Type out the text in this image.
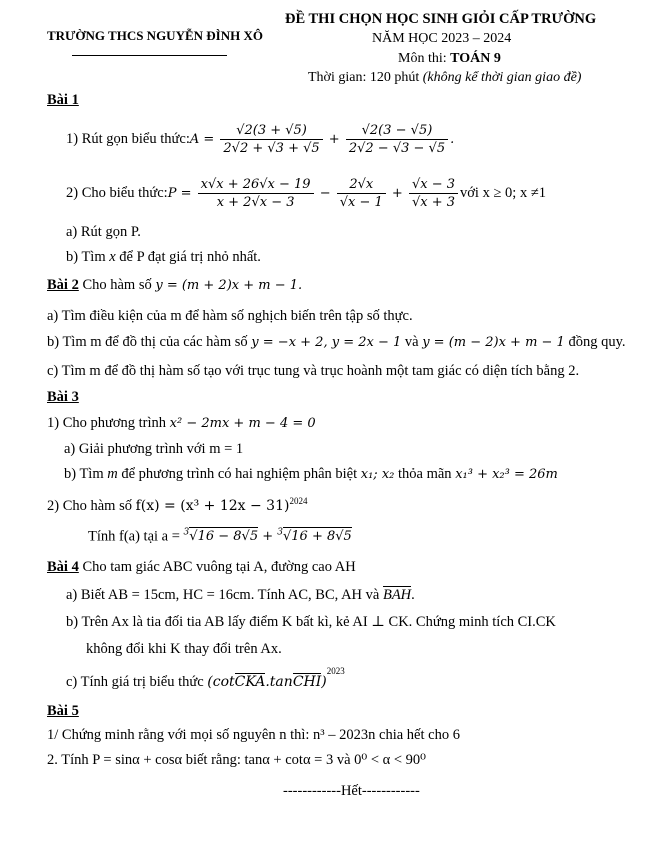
TRƯỜNG THCS NGUYỄN ĐÌNH XÔ
ĐỀ THI CHỌN HỌC SINH GIỎI CẤP TRƯỜNG
NĂM HỌC 2023 – 2024
Môn thi: TOÁN 9
Thời gian: 120 phút (không kể thời gian giao đề)
Bài 1
1) Rút gọn biểu thức: $A = \frac{√2(3 + √5)}{2√2 + √3 + √5} + \frac{√2(3 - √5)}{2√2 - √3 - √5}$ .
2) Cho biểu thức: $P = \frac{x√x + 26√x - 19}{x + 2√x - 3} - \frac{2√x}{√x - 1} + \frac{√x - 3}{√x + 3}$ với x ≥ 0; x ≠1
a) Rút gọn P.
b) Tìm x để P đạt giá trị nhỏ nhất.
Bài 2 Cho hàm số y = (m + 2)x + m − 1.
a) Tìm điều kiện của m để hàm số nghịch biến trên tập số thực.
b) Tìm m để đồ thị của các hàm số y = −x + 2, y = 2x − 1 và y = (m − 2)x + m − 1 đồng quy.
c) Tìm m để đồ thị hàm số tạo với trục tung và trục hoành một tam giác có diện tích bằng 2.
Bài 3
1) Cho phương trình x² − 2mx + m − 4 = 0
a) Giải phương trình với m = 1
b) Tìm m để phương trình có hai nghiệm phân biệt x₁; x₂ thỏa mãn x₁³ + x₂³ = 26m
2) Cho hàm số $f(x) = (x^3 + 12x - 31)^{2024}$
Tính f(a) tại a = $^3$√16 − 8√5 + $^3$√16 + 8√5
Bài 4 Cho tam giác ABC vuông tại A, đường cao AH
a) Biết AB = 15cm, HC = 16cm. Tính AC, BC, AH và BAH.
b) Trên Ax là tia đối tia AB lấy điểm K bất kì, kẻ AI ⊥ CK. Chứng minh tích CI.CK
không đổi khi K thay đổi trên Ax.
c) Tính giá trị biểu thức (cotCKA.tanCHI)$^{2023}$
Bài 5
1/ Chứng minh rằng với mọi số nguyên n thì: n³ – 2023n chia hết cho 6
2. Tính P = sinα + cosα biết rằng: tanα + cotα = 3 và 0⁰ < α < 90⁰
------------Hết------------
